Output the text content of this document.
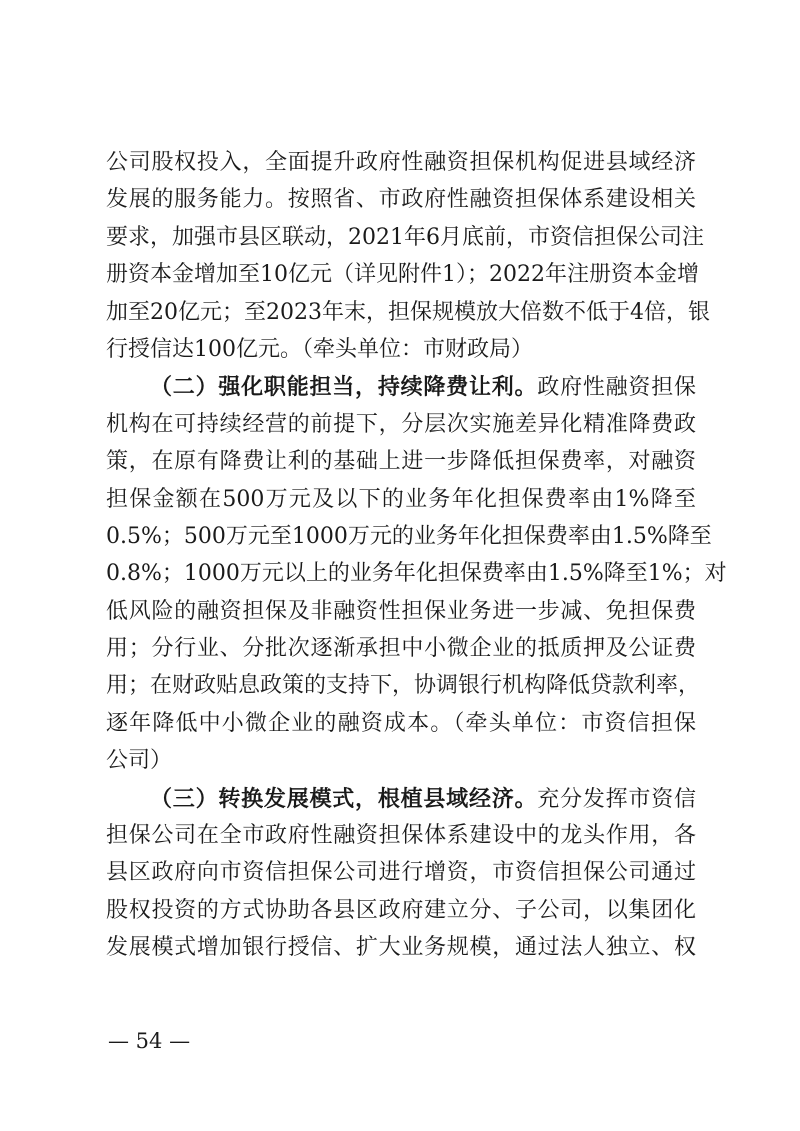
公司股权投入，全面提升政府性融资担保机构促进县域经济
发展的服务能力。按照省、市政府性融资担保体系建设相关
要求，加强市县区联动，2021年6月底前，市资信担保公司注
册资本金增加至10亿元（详见附件1）；2022年注册资本金增
加至20亿元；至2023年末，担保规模放大倍数不低于4倍，银
行授信达100亿元。（牵头单位：市财政局）
（二）强化职能担当，持续降费让利。政府性融资担保
机构在可持续经营的前提下，分层次实施差异化精准降费政
策，在原有降费让利的基础上进一步降低担保费率，对融资
担保金额在500万元及以下的业务年化担保费率由1%降至
0.5%；500万元至1000万元的业务年化担保费率由1.5%降至
0.8%；1000万元以上的业务年化担保费率由1.5%降至1%；对
低风险的融资担保及非融资性担保业务进一步减、免担保费
用；分行业、分批次逐渐承担中小微企业的抵质押及公证费
用；在财政贴息政策的支持下，协调银行机构降低贷款利率，
逐年降低中小微企业的融资成本。（牵头单位：市资信担保
公司）
（三）转换发展模式，根植县域经济。充分发挥市资信
担保公司在全市政府性融资担保体系建设中的龙头作用，各
县区政府向市资信担保公司进行增资，市资信担保公司通过
股权投资的方式协助各县区政府建立分、子公司，以集团化
发展模式增加银行授信、扩大业务规模，通过法人独立、权
— 54 —
